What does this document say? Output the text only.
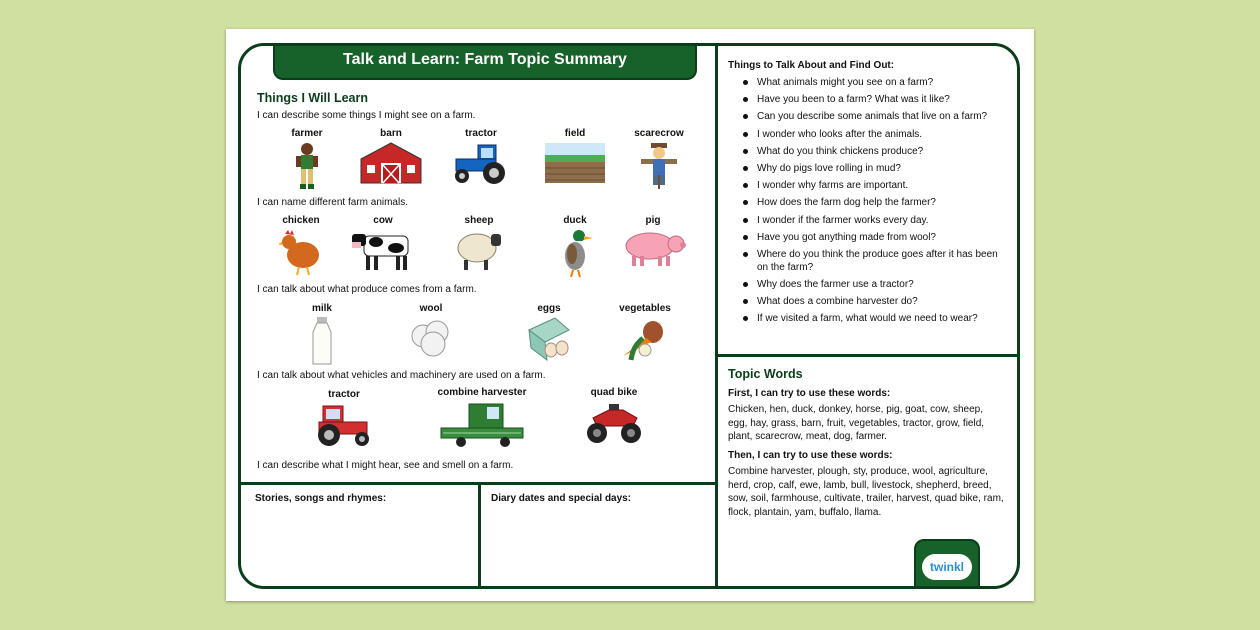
Talk and Learn: Farm Topic Summary
Things I Will Learn
I can describe some things I might see on a farm.
farmer	barn	tractor	field	scarecrow
I can name different farm animals.
chicken	cow	sheep	duck	pig
I can talk about what produce comes from a farm.
milk	wool	eggs	vegetables
I can talk about what vehicles and machinery are used on a farm.
tractor	combine harvester	quad bike
I can describe what I might hear, see and smell on a farm.
Stories, songs and rhymes:	Diary dates and special days:
Things to Talk About and Find Out:
What animals might you see on a farm?
Have you been to a farm? What was it like?
Can you describe some animals that live on a farm?
I wonder who looks after the animals.
What do you think chickens produce?
Why do pigs love rolling in mud?
I wonder why farms are important.
How does the farm dog help the farmer?
I wonder if the farmer works every day.
Have you got anything made from wool?
Where do you think the produce goes after it has been on the farm?
Why does the farmer use a tractor?
What does a combine harvester do?
If we visited a farm, what would we need to wear?
Topic Words
First, I can try to use these words:
Chicken, hen, duck, donkey, horse, pig, goat, cow, sheep, egg, hay, grass, barn, fruit, vegetables, tractor, grow, field, plant, scarecrow, meat, dog, farmer.
Then, I can try to use these words:
Combine harvester, plough, sty, produce, wool, agriculture, herd, crop, calf, ewe, lamb, bull, livestock, shepherd, breed, sow, soil, farmhouse, cultivate, trailer, harvest, quad bike, ram, flock, plantain, yam, buffalo, llama.
twinkl
